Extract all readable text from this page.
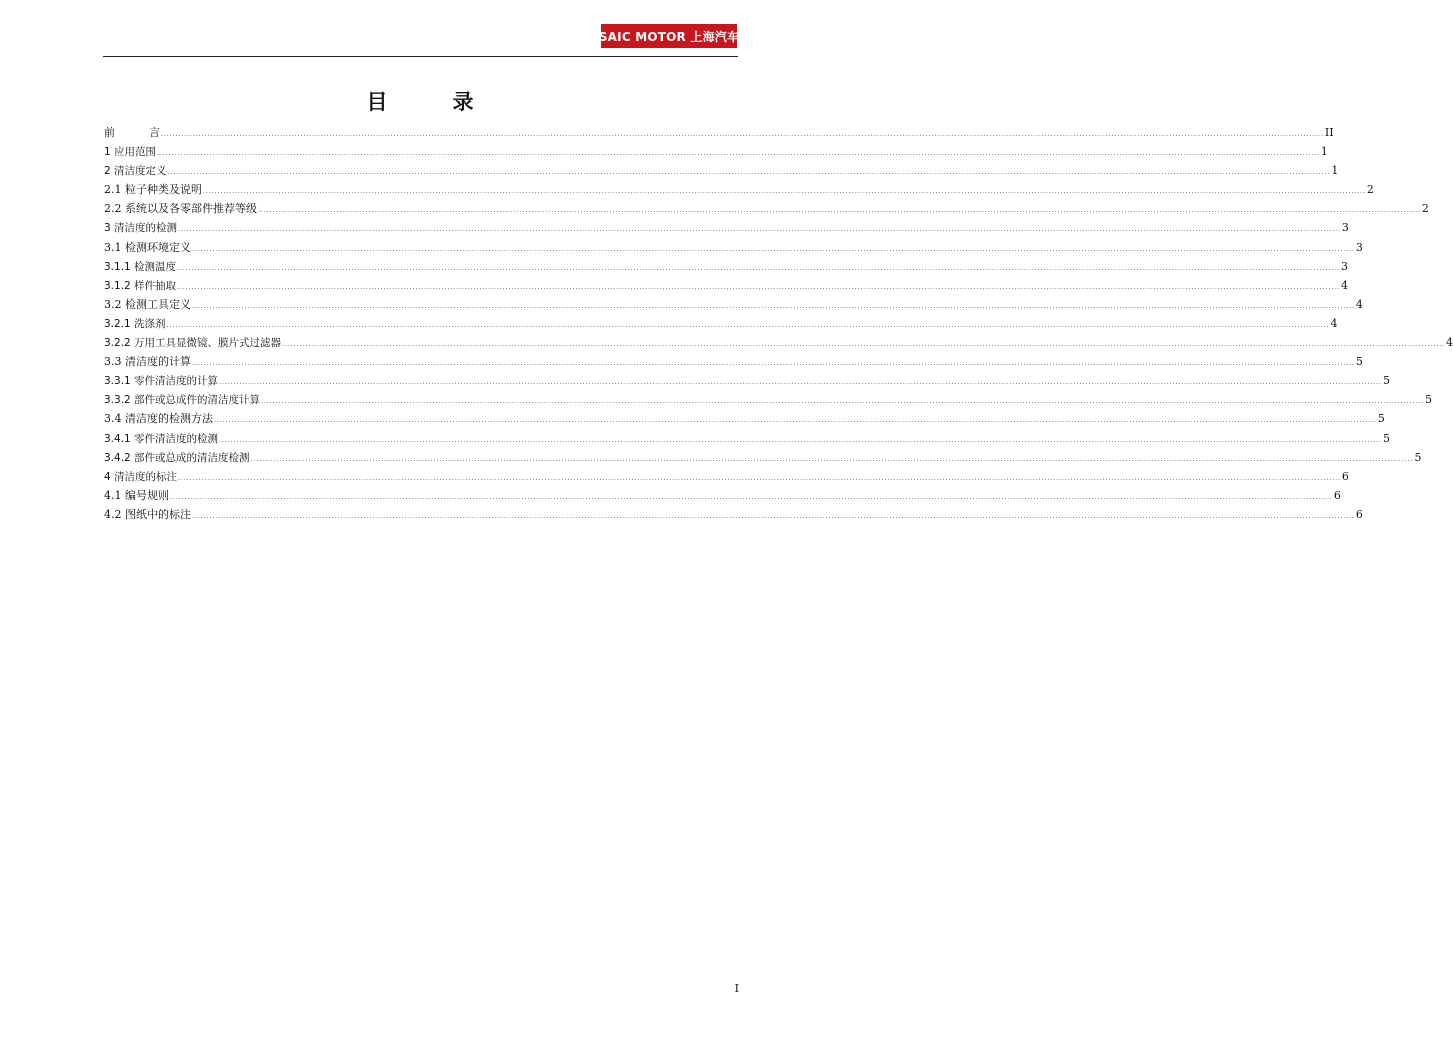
SAIC MOTOR 上海汽车
目	录
前	言 ................................................................................................................................................................................................................................................................................................................................................................................................................ II
1 应用范围 ................................................................................................................................................................................................................................................................................................................................................................................................................ 1
2 清洁度定义 ................................................................................................................................................................................................................................................................................................................................................................................................................ 1
2.1 粒子种类及说明 ................................................................................................................................................................................................................................................................................................................................................................................................................ 2
2.2 系统以及各零部件推荐等级 ................................................................................................................................................................................................................................................................................................................................................................................................................ 2
3 清洁度的检测 ................................................................................................................................................................................................................................................................................................................................................................................................................ 3
3.1 检测环境定义 ................................................................................................................................................................................................................................................................................................................................................................................................................ 3
3.1.1 检测温度 ................................................................................................................................................................................................................................................................................................................................................................................................................ 3
3.1.2 样件抽取 ................................................................................................................................................................................................................................................................................................................................................................................................................ 4
3.2 检测工具定义 ................................................................................................................................................................................................................................................................................................................................................................................................................ 4
3.2.1 洗涤剂 ................................................................................................................................................................................................................................................................................................................................................................................................................ 4
3.2.2 万用工具显微镜、膜片式过滤器 ................................................................................................................................................................................................................................................................................................................................................................................................................ 4
3.3 清洁度的计算 ................................................................................................................................................................................................................................................................................................................................................................................................................ 5
3.3.1 零件清洁度的计算 ................................................................................................................................................................................................................................................................................................................................................................................................................ 5
3.3.2 部件或总成件的清洁度计算 ................................................................................................................................................................................................................................................................................................................................................................................................................ 5
3.4 清洁度的检测方法 ................................................................................................................................................................................................................................................................................................................................................................................................................ 5
3.4.1 零件清洁度的检测 ................................................................................................................................................................................................................................................................................................................................................................................................................ 5
3.4.2 部件或总成的清洁度检测 ................................................................................................................................................................................................................................................................................................................................................................................................................ 5
4 清洁度的标注 ................................................................................................................................................................................................................................................................................................................................................................................................................ 6
4.1 编号规则 ................................................................................................................................................................................................................................................................................................................................................................................................................ 6
4.2 图纸中的标注 ................................................................................................................................................................................................................................................................................................................................................................................................................ 6
I
